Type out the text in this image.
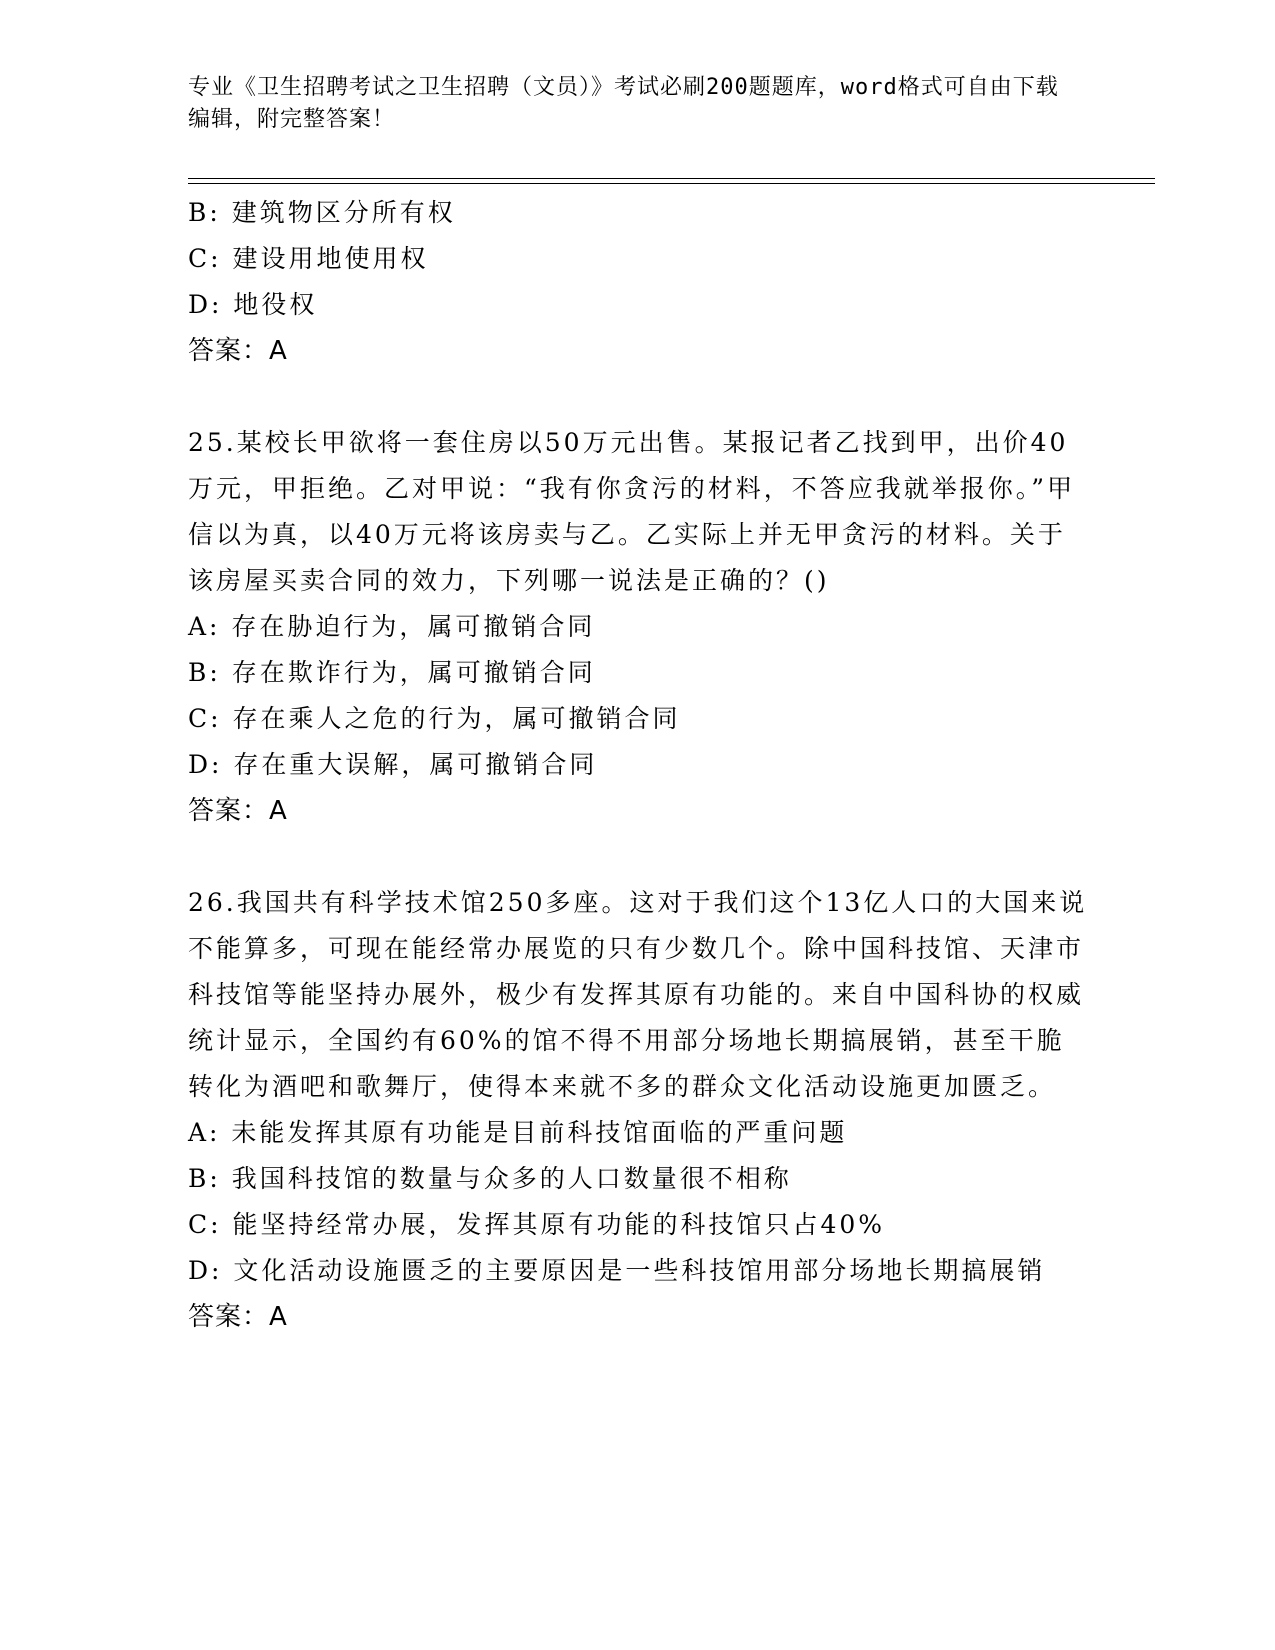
专业《卫生招聘考试之卫生招聘（文员）》考试必刷200题题库，word格式可自由下载编辑，附完整答案！
B: 建筑物区分所有权
C: 建设用地使用权
D: 地役权
答案：A
25.某校长甲欲将一套住房以50万元出售。某报记者乙找到甲，出价40万元，甲拒绝。乙对甲说：“我有你贪污的材料，不答应我就举报你。”甲信以为真，以40万元将该房卖与乙。乙实际上并无甲贪污的材料。关于该房屋买卖合同的效力，下列哪一说法是正确的？()
A: 存在胁迫行为，属可撤销合同
B: 存在欺诈行为，属可撤销合同
C: 存在乘人之危的行为，属可撤销合同
D: 存在重大误解，属可撤销合同
答案：A
26.我国共有科学技术馆250多座。这对于我们这个13亿人口的大国来说不能算多，可现在能经常办展览的只有少数几个。除中国科技馆、天津市科技馆等能坚持办展外，极少有发挥其原有功能的。来自中国科协的权威统计显示，全国约有60%的馆不得不用部分场地长期搞展销，甚至干脆转化为酒吧和歌舞厅，使得本来就不多的群众文化活动设施更加匮乏。
A: 未能发挥其原有功能是目前科技馆面临的严重问题
B: 我国科技馆的数量与众多的人口数量很不相称
C: 能坚持经常办展，发挥其原有功能的科技馆只占40%
D: 文化活动设施匮乏的主要原因是一些科技馆用部分场地长期搞展销
答案：A
